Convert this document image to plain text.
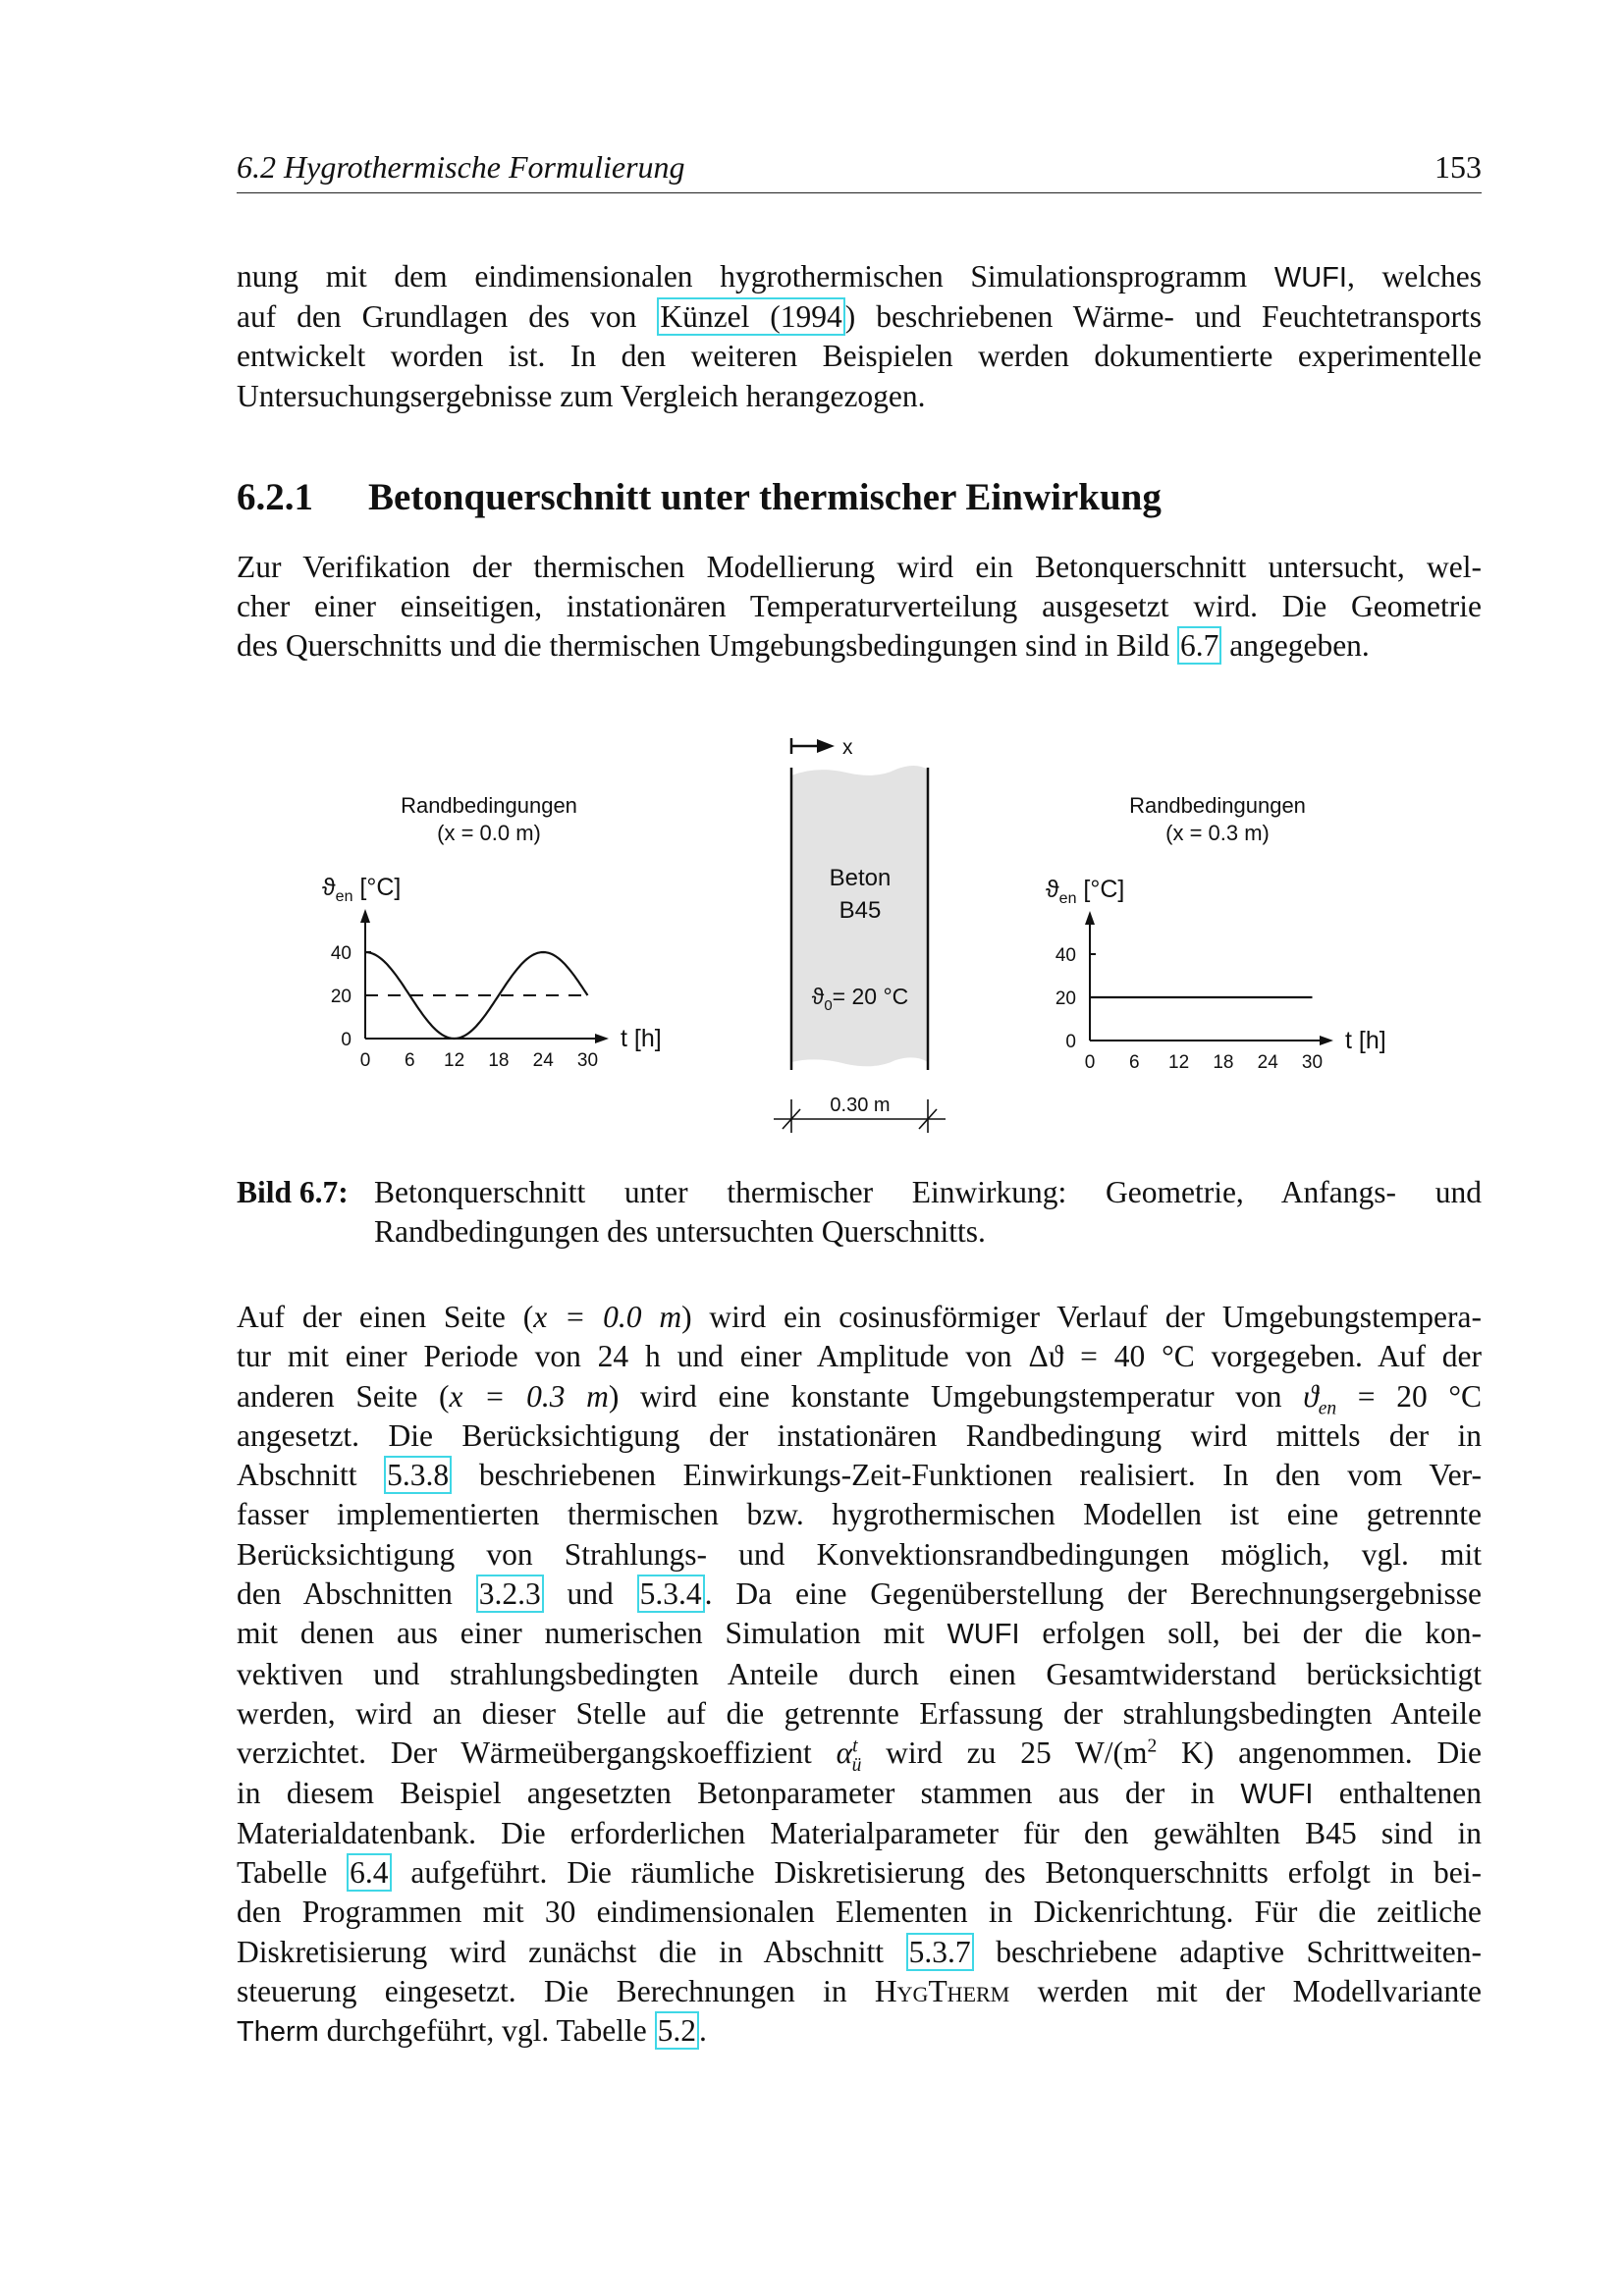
6.2 Hygrothermische Formulierung	153
nung mit dem eindimensionalen hygrothermischen Simulationsprogramm WUFI, welches
auf den Grundlagen des von Künzel (1994) beschriebenen Wärme- und Feuchtetransports
entwickelt worden ist. In den weiteren Beispielen werden dokumentierte experimentelle
Untersuchungsergebnisse zum Vergleich herangezogen.
6.2.1 Betonquerschnitt unter thermischer Einwirkung
Zur Verifikation der thermischen Modellierung wird ein Betonquerschnitt untersucht, wel-
cher einer einseitigen, instationären Temperaturverteilung ausgesetzt wird. Die Geometrie
des Querschnitts und die thermischen Umgebungsbedingungen sind in Bild 6.7 angegeben.
Randbedingungen
(x = 0.0 m)
$ϑ_{en}$ [°C]
t [h]
0
20
40
0 6 12 18 24 30
x
Beton
B45
$ϑ_0= 20$ °C
0.30 m
Randbedingungen
(x = 0.3 m)
$ϑ_{en}$ [°C]
t [h]
0
20
40
0 6 12 18 24 30
Bild 6.7: Betonquerschnitt unter thermischer Einwirkung: Geometrie, Anfangs- und
Randbedingungen des untersuchten Querschnitts.
Auf der einen Seite (x = 0.0 m) wird ein cosinusförmiger Verlauf der Umgebungstempera-
tur mit einer Periode von 24 h und einer Amplitude von Δϑ = 40 °C vorgegeben. Auf der
anderen Seite (x = 0.3 m) wird eine konstante Umgebungstemperatur von $ϑ_{en} = 20$ °C
angesetzt. Die Berücksichtigung der instationären Randbedingung wird mittels der in
Abschnitt 5.3.8 beschriebenen Einwirkungs-Zeit-Funktionen realisiert. In den vom Ver-
fasser implementierten thermischen bzw. hygrothermischen Modellen ist eine getrennte
Berücksichtigung von Strahlungs- und Konvektionsrandbedingungen möglich, vgl. mit
den Abschnitten 3.2.3 und 5.3.4. Da eine Gegenüberstellung der Berechnungsergebnisse
mit denen aus einer numerischen Simulation mit WUFI erfolgen soll, bei der die kon-
vektiven und strahlungsbedingten Anteile durch einen Gesamtwiderstand berücksichtigt
werden, wird an dieser Stelle auf die getrennte Erfassung der strahlungsbedingten Anteile
verzichtet. Der Wärmeübergangskoeffizient $\alpha^t_ü$ wird zu 25 $W/(m^2$ K) angenommen. Die
in diesem Beispiel angesetzten Betonparameter stammen aus der in WUFI enthaltenen
Materialdatenbank. Die erforderlichen Materialparameter für den gewählten B45 sind in
Tabelle 6.4 aufgeführt. Die räumliche Diskretisierung des Betonquerschnitts erfolgt in bei-
den Programmen mit 30 eindimensionalen Elementen in Dickenrichtung. Für die zeitliche
Diskretisierung wird zunächst die in Abschnitt 5.3.7 beschriebene adaptive Schrittweiten-
steuerung eingesetzt. Die Berechnungen in HygTherm werden mit der Modellvariante
Therm durchgeführt, vgl. Tabelle 5.2.
